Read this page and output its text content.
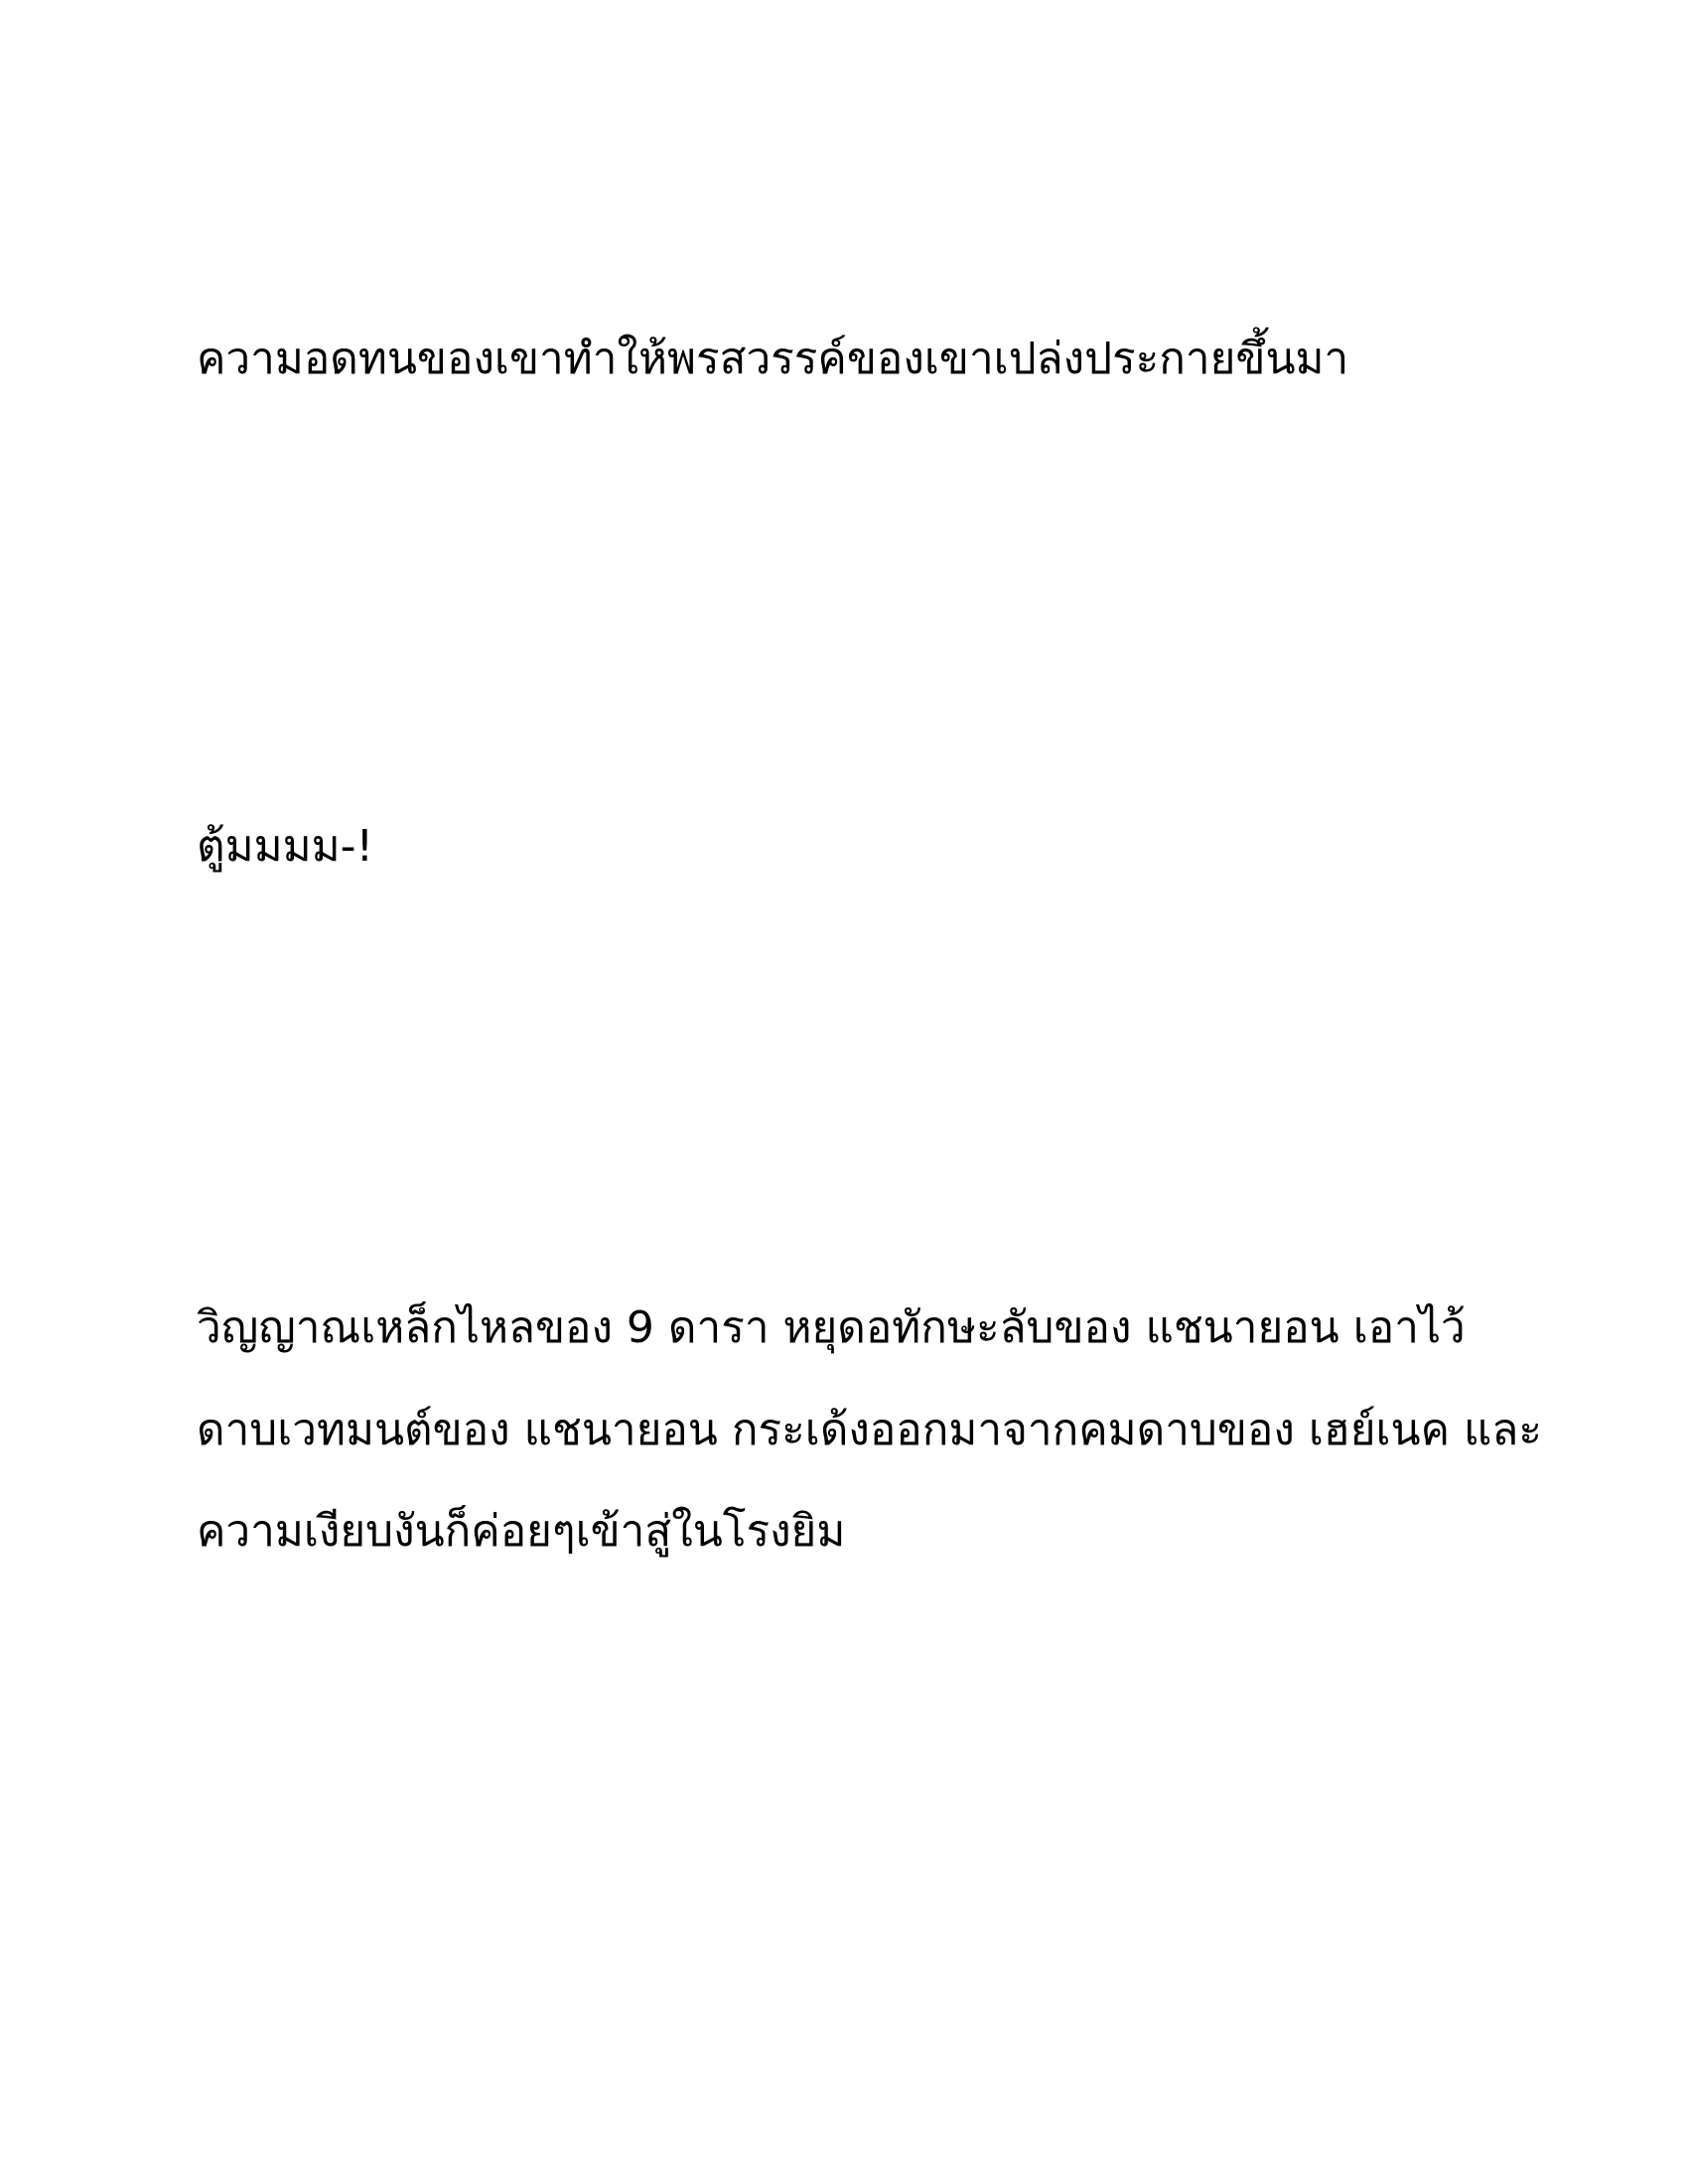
ความอดทนของเขาทำให้พรสวรรค์ของเขาเปล่งประกายขึ้นมา

ตู้มมมม-!

วิญญาณเหล็กไหลของ 9 ดารา หยุดอทักษะลับของ แชนายอน เอาไว้

ดาบเวทมนต์ของ แชนายอน กระเด้งออกมาจากคมดาบของ เฮย์เนค และ

ความเงียบงันก็ค่อยๆเข้าสู่ในโรงยิม
